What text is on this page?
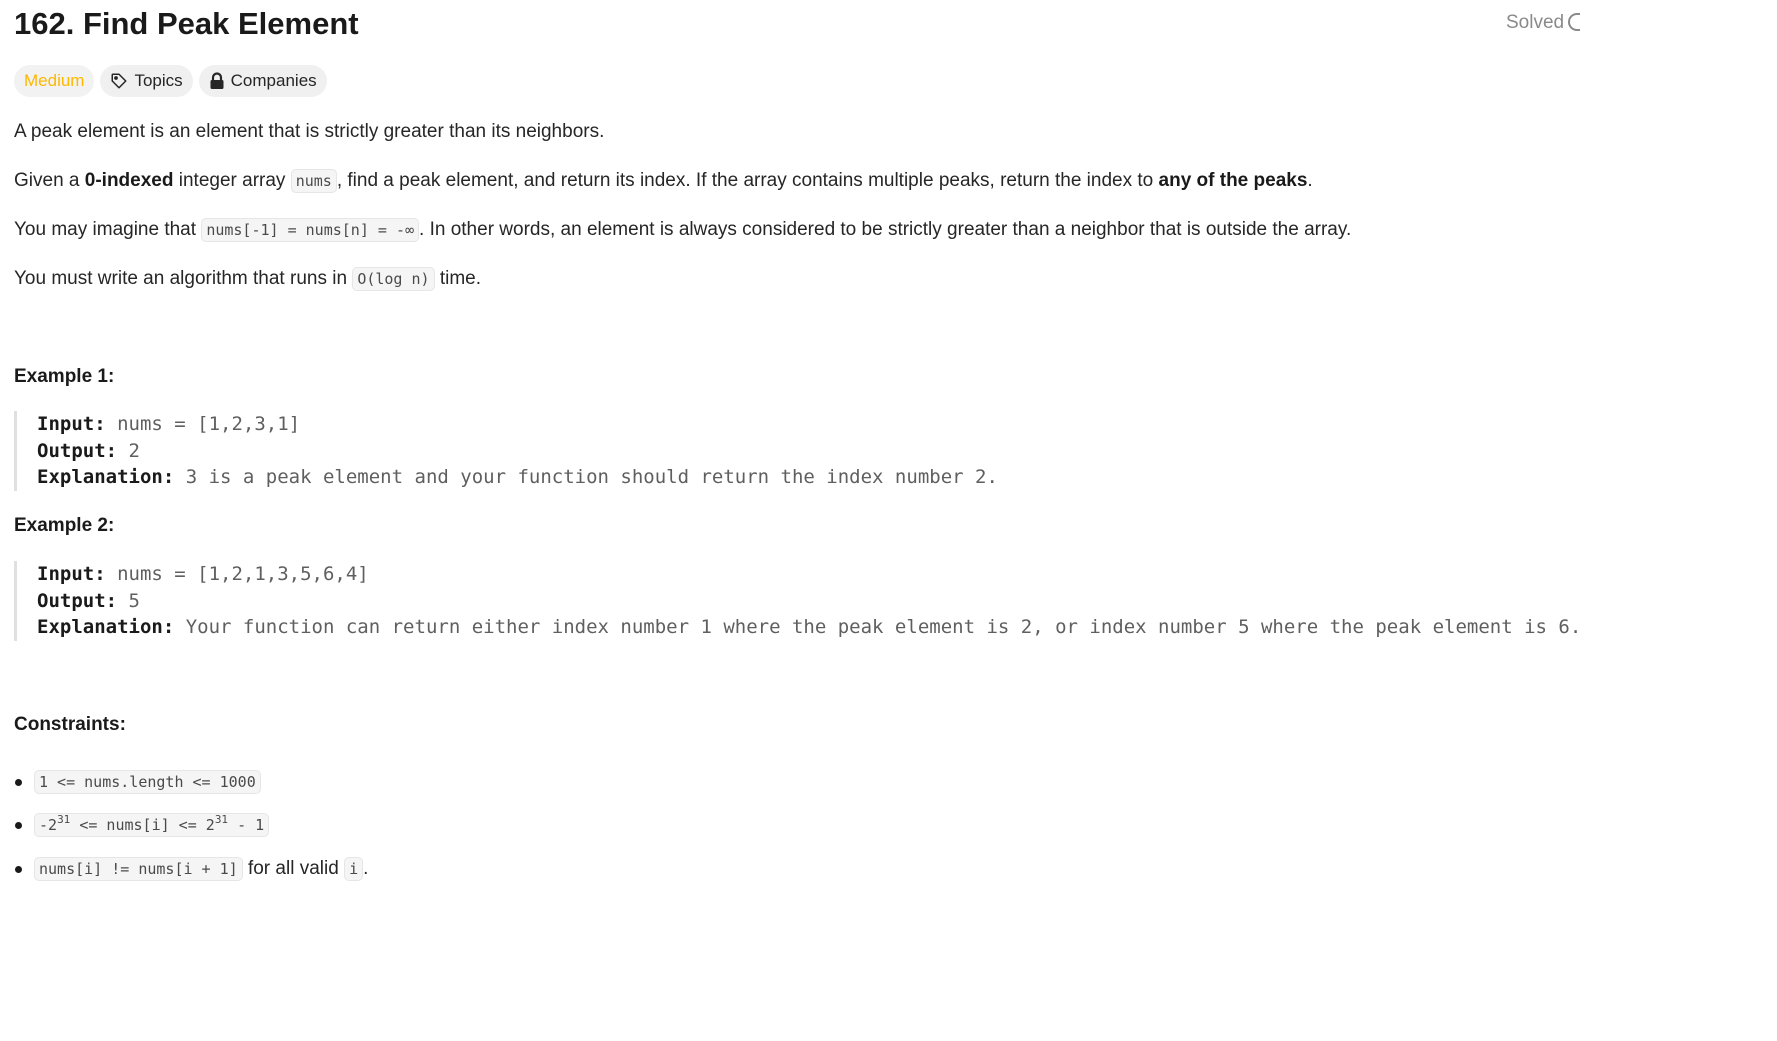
162. Find Peak Element	Solved
Medium	Topics	Companies
A peak element is an element that is strictly greater than its neighbors.
Given a 0-indexed integer array nums , find a peak element, and return its index. If the array contains multiple peaks, return the index to any of the peaks.
You may imagine that nums[-1] = nums[n] = -∞ . In other words, an element is always considered to be strictly greater than a neighbor that is outside the array.
You must write an algorithm that runs in O(log n) time.
Example 1:
Input: nums = [1,2,3,1]
Output: 2
Explanation: 3 is a peak element and your function should return the index number 2.
Example 2:
Input: nums = [1,2,1,3,5,6,4]
Output: 5
Explanation: Your function can return either index number 1 where the peak element is 2, or index number 5 where the peak element is 6.
Constraints:
1 <= nums.length <= 1000
$-2^{31}$ <= nums[i] <= $2^{31} - 1$
nums[i] != nums[i + 1] for all valid i .
